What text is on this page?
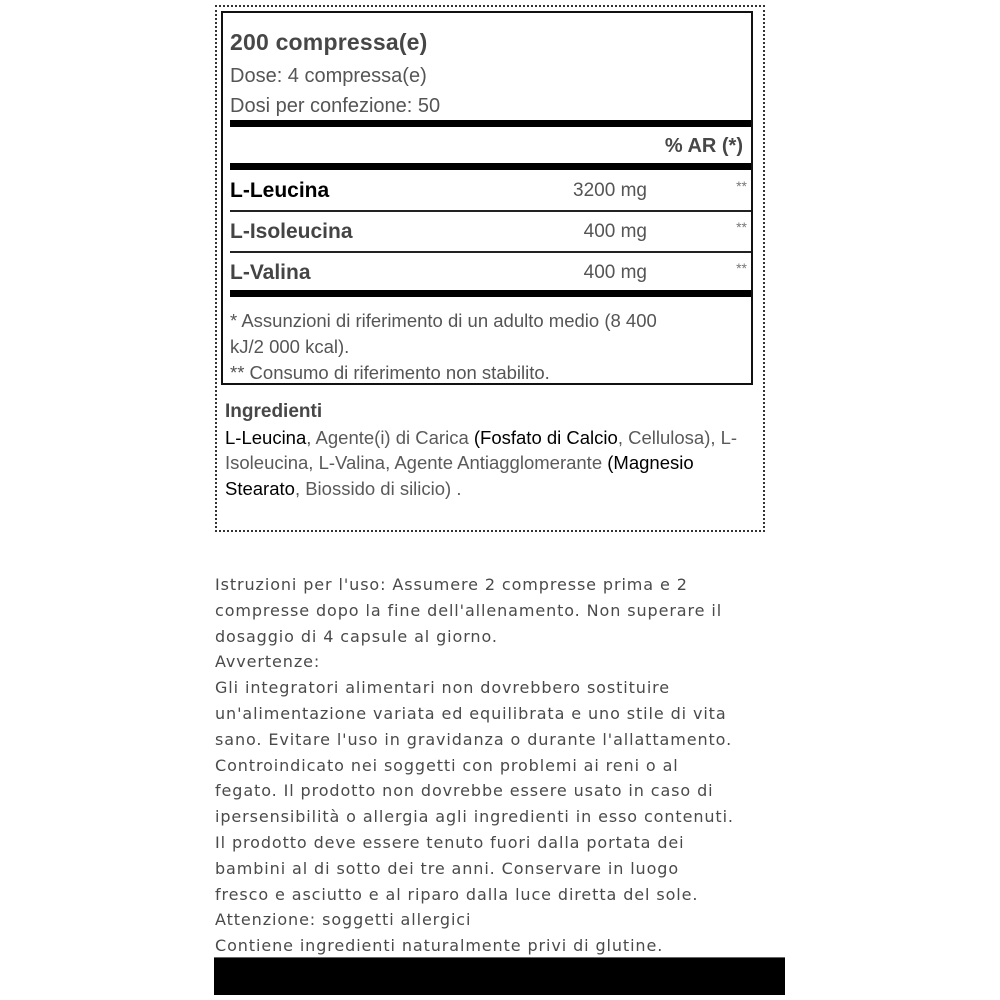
200 compressa(e)
Dose: 4 compressa(e)
Dosi per confezione: 50
% AR (*)
L-Leucina	3200 mg	**
L-Isoleucina	400 mg	**
L-Valina	400 mg	**
* Assunzioni di riferimento di un adulto medio (8 400
kJ/2 000 kcal).
** Consumo di riferimento non stabilito.
Ingredienti
L-Leucina, Agente(i) di Carica (Fosfato di Calcio, Cellulosa), L-Isoleucina, L-Valina, Agente Antiagglomerante (Magnesio Stearato, Biossido di silicio) .
Istruzioni per l'uso: Assumere 2 compresse prima e 2
compresse dopo la fine dell'allenamento. Non superare il
dosaggio di 4 capsule al giorno.
Avvertenze:
Gli integratori alimentari non dovrebbero sostituire
un'alimentazione variata ed equilibrata e uno stile di vita
sano. Evitare l'uso in gravidanza o durante l'allattamento.
Controindicato nei soggetti con problemi ai reni o al
fegato. Il prodotto non dovrebbe essere usato in caso di
ipersensibilità o allergia agli ingredienti in esso contenuti.
Il prodotto deve essere tenuto fuori dalla portata dei
bambini al di sotto dei tre anni. Conservare in luogo
fresco e asciutto e al riparo dalla luce diretta del sole.
Attenzione: soggetti allergici
Contiene ingredienti naturalmente privi di glutine.
